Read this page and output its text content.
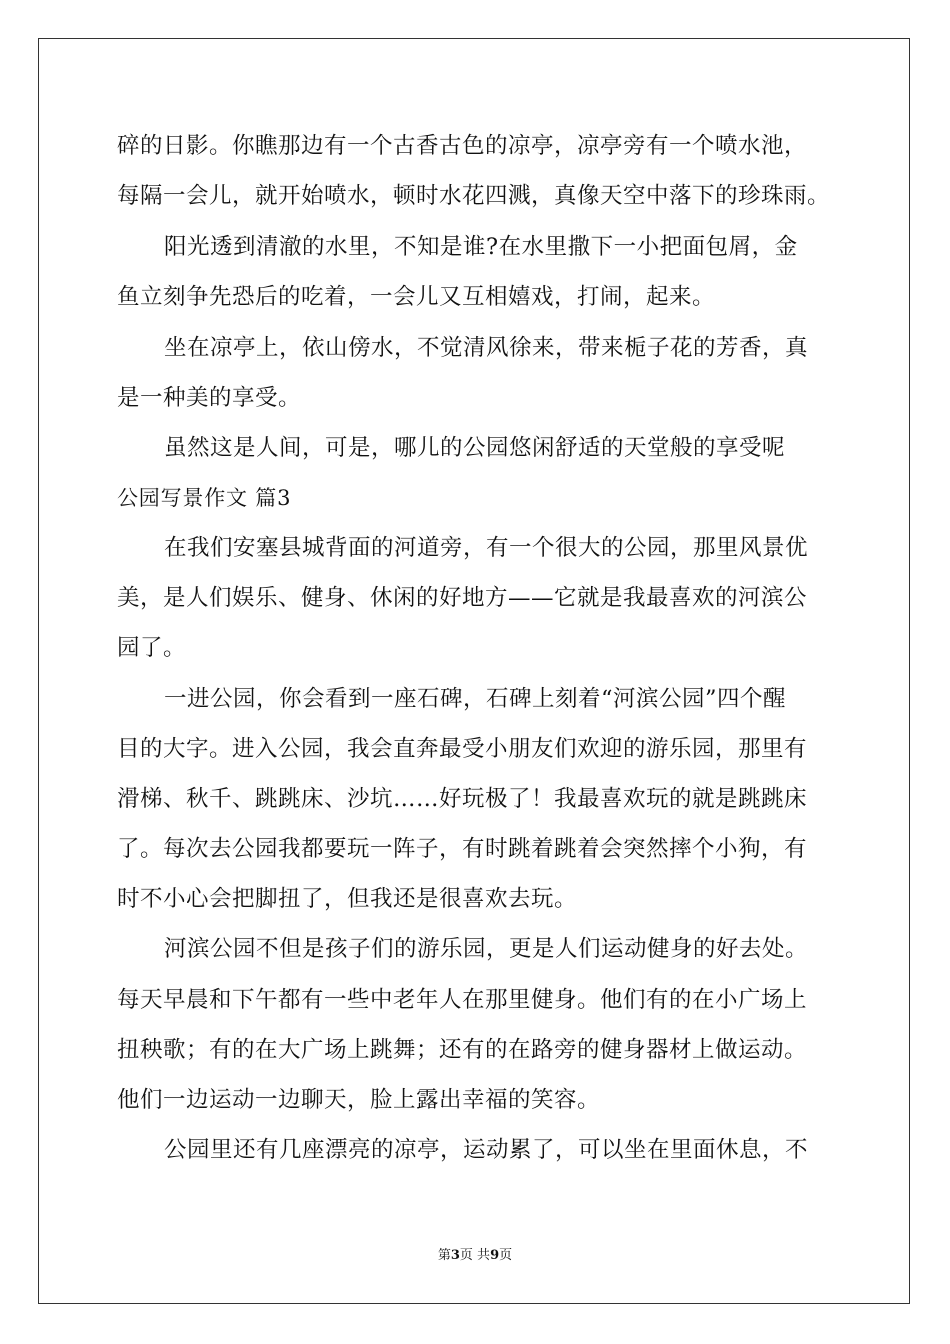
碎的日影。你瞧那边有一个古香古色的凉亭，凉亭旁有一个喷水池，
每隔一会儿，就开始喷水，顿时水花四溅，真像天空中落下的珍珠雨。
阳光透到清澈的水里，不知是谁?在水里撒下一小把面包屑，金
鱼立刻争先恐后的吃着，一会儿又互相嬉戏，打闹，起来。
坐在凉亭上，依山傍水，不觉清风徐来，带来栀子花的芳香，真
是一种美的享受。
虽然这是人间，可是，哪儿的公园悠闲舒适的天堂般的享受呢
公园写景作文 篇3
在我们安塞县城背面的河道旁，有一个很大的公园，那里风景优
美，是人们娱乐、健身、休闲的好地方——它就是我最喜欢的河滨公
园了。
一进公园，你会看到一座石碑，石碑上刻着“河滨公园”四个醒
目的大字。进入公园，我会直奔最受小朋友们欢迎的游乐园，那里有
滑梯、秋千、跳跳床、沙坑……好玩极了！我最喜欢玩的就是跳跳床
了。每次去公园我都要玩一阵子，有时跳着跳着会突然摔个小狗，有
时不小心会把脚扭了，但我还是很喜欢去玩。
河滨公园不但是孩子们的游乐园，更是人们运动健身的好去处。
每天早晨和下午都有一些中老年人在那里健身。他们有的在小广场上
扭秧歌；有的在大广场上跳舞；还有的在路旁的健身器材上做运动。
他们一边运动一边聊天，脸上露出幸福的笑容。
公园里还有几座漂亮的凉亭，运动累了，可以坐在里面休息，不
第3页 共9页
